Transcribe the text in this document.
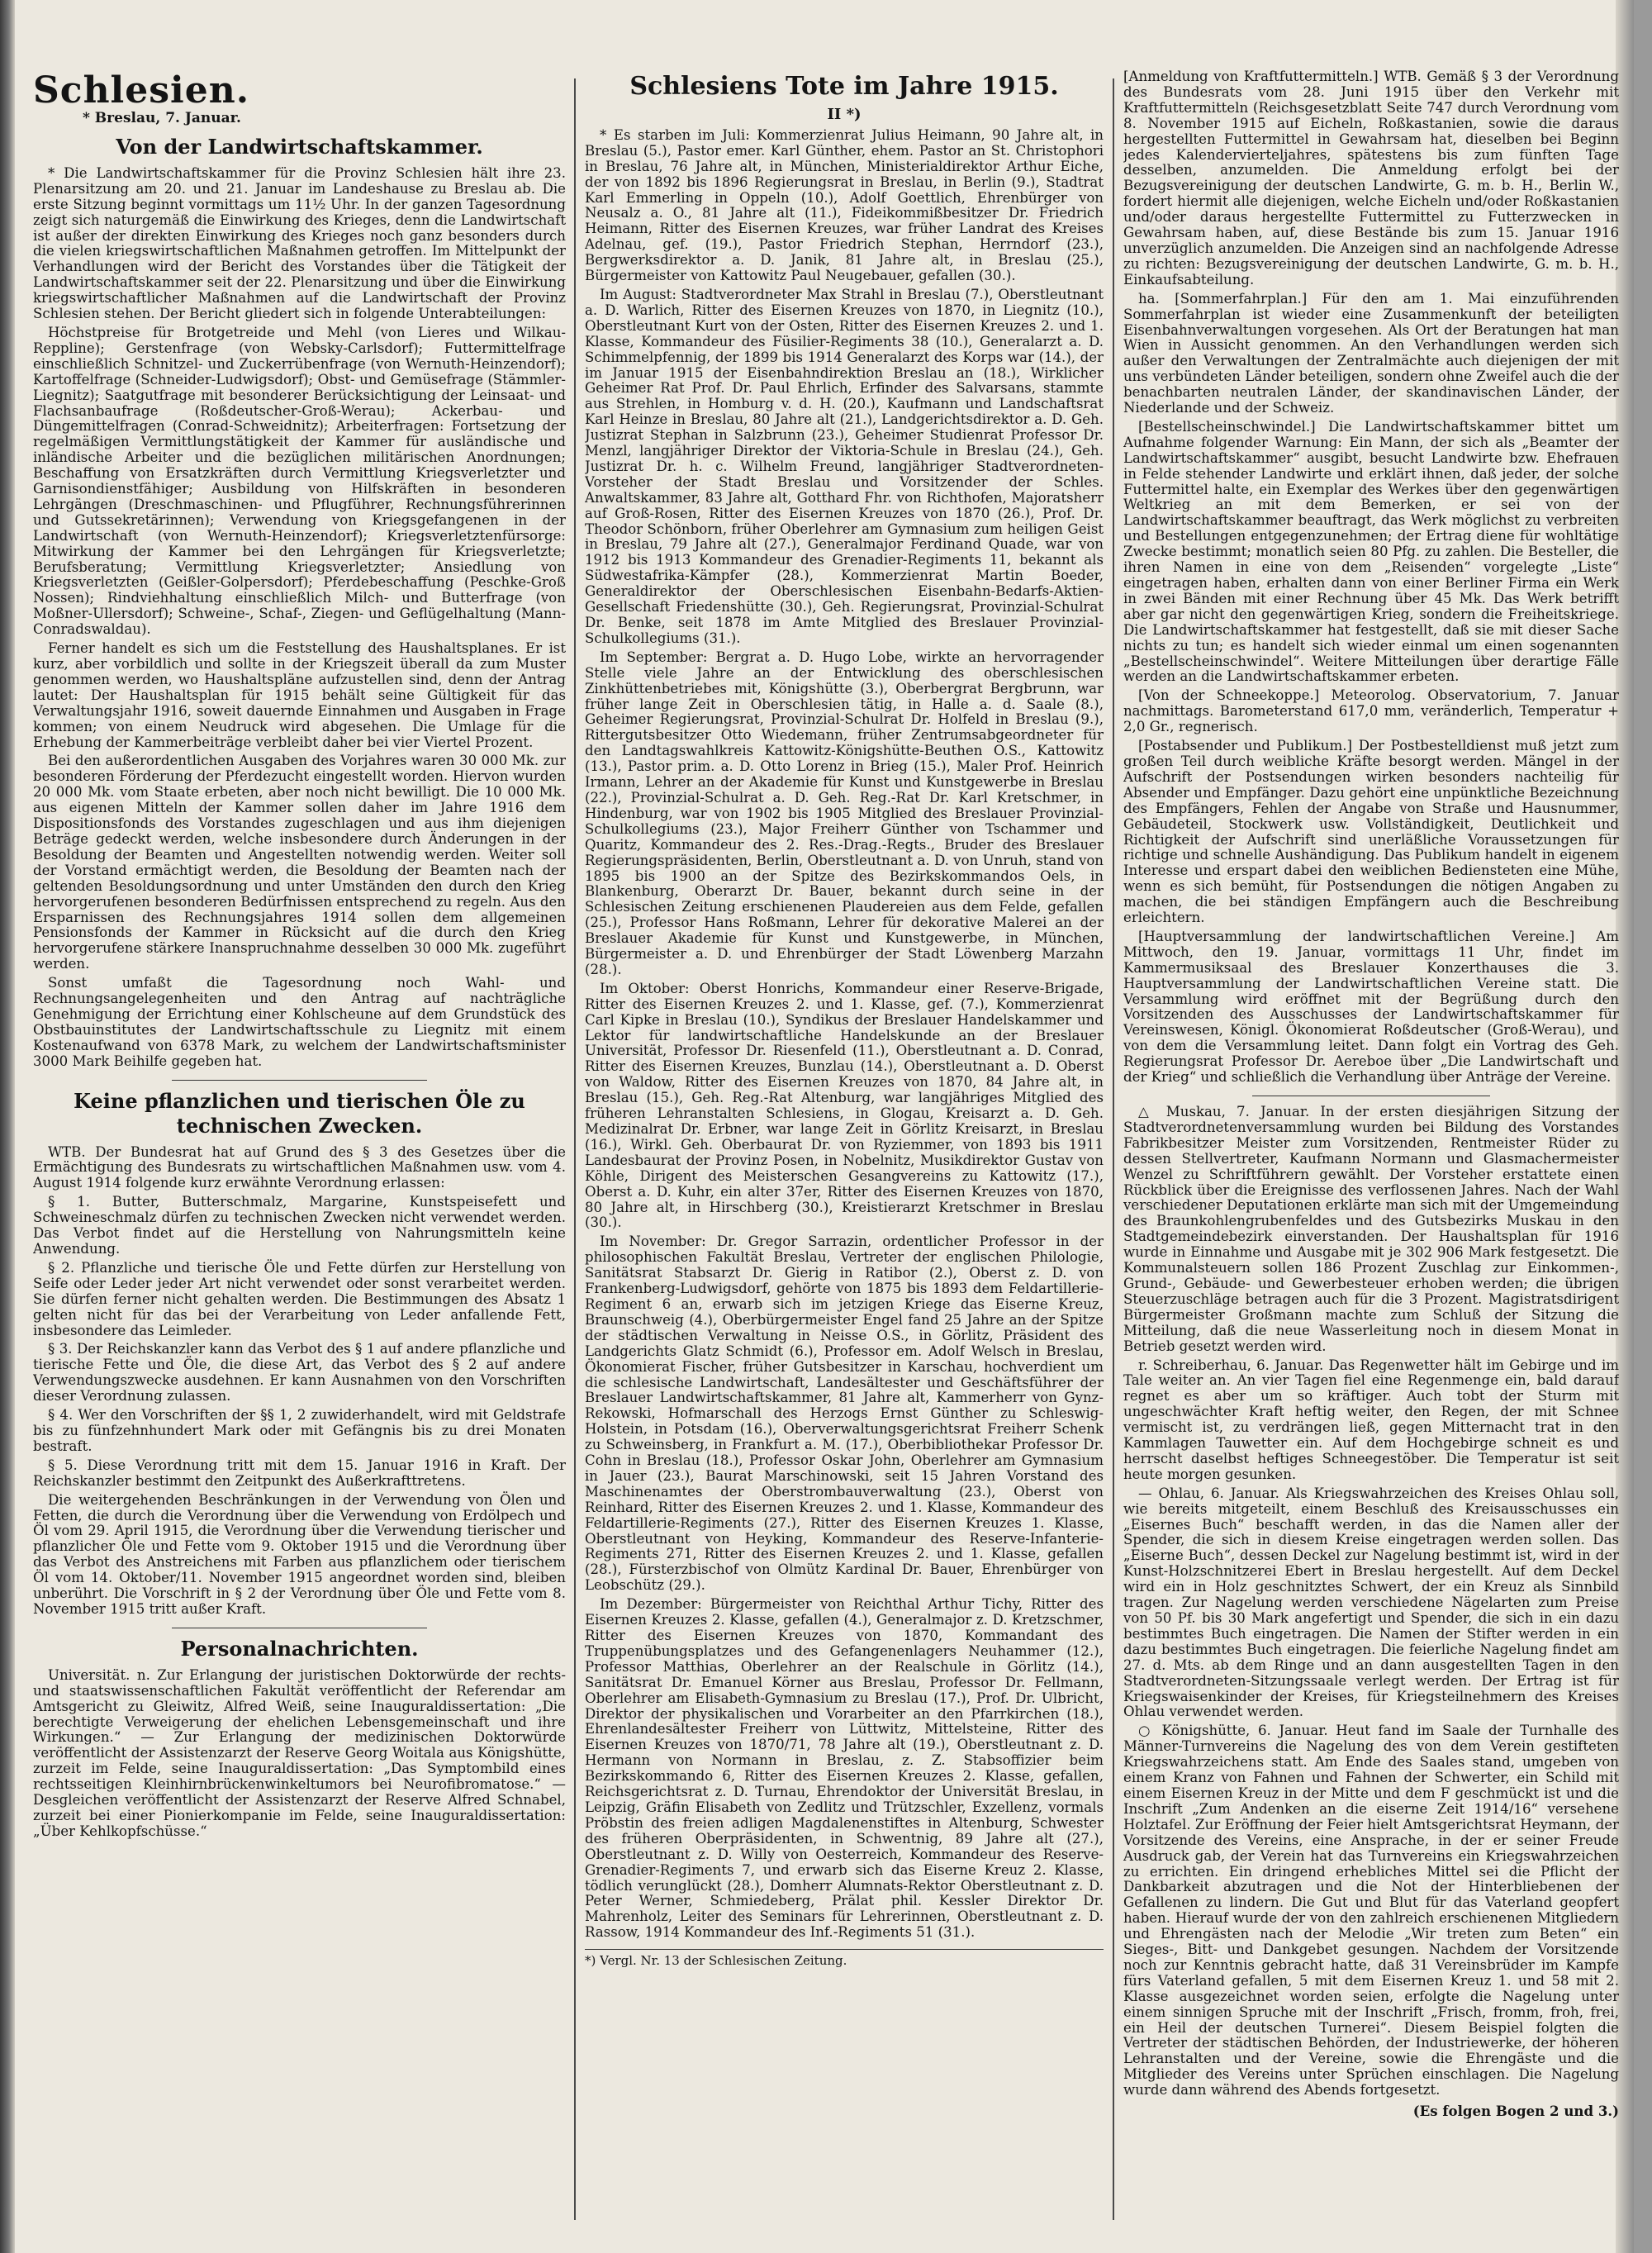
Schlesien.
* Breslau, 7. Januar.
Von der Landwirtschaftskammer.

* Die Landwirtschaftskammer für die Provinz Schlesien hält ihre 23. Plenarsitzung am 20. und 21. Januar im Landeshause zu Breslau ab. Die erste Sitzung beginnt vormittags um 11½ Uhr. In der ganzen Tagesordnung zeigt sich naturgemäß die Einwirkung des Krieges, denn die Landwirtschaft ist außer der direkten Einwirkung des Krieges noch ganz besonders durch die vielen kriegswirtschaftlichen Maßnahmen getroffen. Im Mittelpunkt der Verhandlungen wird der Bericht des Vorstandes über die Tätigkeit der Landwirtschaftskammer seit der 22. Plenarsitzung und über die Einwirkung kriegswirtschaftlicher Maßnahmen auf die Landwirtschaft der Provinz Schlesien stehen. Der Bericht gliedert sich in folgende Unterabteilungen:

Höchstpreise für Brotgetreide und Mehl (von Lieres und Wilkau-Reppline); Gerstenfrage (von Websky-Carlsdorf); Futtermittelfrage einschließlich Schnitzel- und Zuckerrübenfrage (von Wernuth-Heinzendorf); Kartoffelfrage (Schneider-Ludwigsdorf); Obst- und Gemüsefrage (Stämmler-Liegnitz); Saatgutfrage mit besonderer Berücksichtigung der Leinsaat- und Flachsanbaufrage (Roßdeutscher-Groß-Werau); Ackerbau- und Düngemittelfragen (Conrad-Schweidnitz); Arbeiterfragen: Fortsetzung der regelmäßigen Vermittlungstätigkeit der Kammer für ausländische und inländische Arbeiter und die bezüglichen militärischen Anordnungen; Beschaffung von Ersatzkräften durch Vermittlung Kriegsverletzter und Garnisondienstfähiger; Ausbildung von Hilfskräften in besonderen Lehrgängen (Dreschmaschinen- und Pflugführer, Rechnungsführerinnen und Gutssekretärinnen); Verwendung von Kriegsgefangenen in der Landwirtschaft (von Wernuth-Heinzendorf); Kriegsverletztenfürsorge: Mitwirkung der Kammer bei den Lehrgängen für Kriegsverletzte; Berufsberatung; Vermittlung Kriegsverletzter; Ansiedlung von Kriegsverletzten (Geißler-Golpersdorf); Pferdebeschaffung (Peschke-Groß Nossen); Rindviehhaltung einschließlich Milch- und Butterfrage (von Moßner-Ullersdorf); Schweine-, Schaf-, Ziegen- und Geflügelhaltung (Mann-Conradswaldau).

Ferner handelt es sich um die Feststellung des Haushaltsplanes. Er ist kurz, aber vorbildlich und sollte in der Kriegszeit überall da zum Muster genommen werden, wo Haushaltspläne aufzustellen sind, denn der Antrag lautet: Der Haushaltsplan für 1915 behält seine Gültigkeit für das Verwaltungsjahr 1916, soweit dauernde Einnahmen und Ausgaben in Frage kommen; von einem Neudruck wird abgesehen. Die Umlage für die Erhebung der Kammerbeiträge verbleibt daher bei vier Viertel Prozent.

Bei den außerordentlichen Ausgaben des Vorjahres waren 30 000 Mk. zur besonderen Förderung der Pferdezucht eingestellt worden. Hiervon wurden 20 000 Mk. vom Staate erbeten, aber noch nicht bewilligt. Die 10 000 Mk. aus eigenen Mitteln der Kammer sollen daher im Jahre 1916 dem Dispositionsfonds des Vorstandes zugeschlagen und aus ihm diejenigen Beträge gedeckt werden, welche insbesondere durch Änderungen in der Besoldung der Beamten und Angestellten notwendig werden. Weiter soll der Vorstand ermächtigt werden, die Besoldung der Beamten nach der geltenden Besoldungsordnung und unter Umständen den durch den Krieg hervorgerufenen besonderen Bedürfnissen entsprechend zu regeln. Aus den Ersparnissen des Rechnungsjahres 1914 sollen dem allgemeinen Pensionsfonds der Kammer in Rücksicht auf die durch den Krieg hervorgerufene stärkere Inanspruchnahme desselben 30 000 Mk. zugeführt werden.

Sonst umfaßt die Tagesordnung noch Wahl- und Rechnungsangelegenheiten und den Antrag auf nachträgliche Genehmigung der Errichtung einer Kohlscheune auf dem Grundstück des Obstbauinstitutes der Landwirtschaftsschule zu Liegnitz mit einem Kostenaufwand von 6378 Mark, zu welchem der Landwirtschaftsminister 3000 Mark Beihilfe gegeben hat.

Keine pflanzlichen und tierischen Öle zu technischen Zwecken.

WTB. Der Bundesrat hat auf Grund des § 3 des Gesetzes über die Ermächtigung des Bundesrats zu wirtschaftlichen Maßnahmen usw. vom 4. August 1914 folgende kurz erwähnte Verordnung erlassen:

§ 1. Butter, Butterschmalz, Margarine, Kunstspeisefett und Schweineschmalz dürfen zu technischen Zwecken nicht verwendet werden. Das Verbot findet auf die Herstellung von Nahrungsmitteln keine Anwendung.

§ 2. Pflanzliche und tierische Öle und Fette dürfen zur Herstellung von Seife oder Leder jeder Art nicht verwendet oder sonst verarbeitet werden. Sie dürfen ferner nicht gehalten werden. Die Bestimmungen des Absatz 1 gelten nicht für das bei der Verarbeitung von Leder anfallende Fett, insbesondere das Leimleder.

§ 3. Der Reichskanzler kann das Verbot des § 1 auf andere pflanzliche und tierische Fette und Öle, die diese Art, das Verbot des § 2 auf andere Verwendungszwecke ausdehnen. Er kann Ausnahmen von den Vorschriften dieser Verordnung zulassen.

§ 4. Wer den Vorschriften der §§ 1, 2 zuwiderhandelt, wird mit Geldstrafe bis zu fünfzehnhundert Mark oder mit Gefängnis bis zu drei Monaten bestraft.

§ 5. Diese Verordnung tritt mit dem 15. Januar 1916 in Kraft. Der Reichskanzler bestimmt den Zeitpunkt des Außerkrafttretens.

Die weitergehenden Beschränkungen in der Verwendung von Ölen und Fetten, die durch die Verordnung über die Verwendung von Erdölpech und Öl vom 29. April 1915, die Verordnung über die Verwendung tierischer und pflanzlicher Öle und Fette vom 9. Oktober 1915 und die Verordnung über das Verbot des Anstreichens mit Farben aus pflanzlichem oder tierischem Öl vom 14. Oktober/11. November 1915 angeordnet worden sind, bleiben unberührt. Die Vorschrift in § 2 der Verordnung über Öle und Fette vom 8. November 1915 tritt außer Kraft.

Personalnachrichten.

Universität. n. Zur Erlangung der juristischen Doktorwürde der rechts- und staatswissenschaftlichen Fakultät veröffentlicht der Referendar am Amtsgericht zu Gleiwitz, Alfred Weiß, seine Inauguraldissertation: „Die berechtigte Verweigerung der ehelichen Lebensgemeinschaft und ihre Wirkungen.“ — Zur Erlangung der medizinischen Doktorwürde veröffentlicht der Assistenzarzt der Reserve Georg Woitala aus Königshütte, zurzeit im Felde, seine Inauguraldissertation: „Das Symptombild eines rechtsseitigen Kleinhirnbrückenwinkeltumors bei Neurofibromatose.“ — Desgleichen veröffentlicht der Assistenzarzt der Reserve Alfred Schnabel, zurzeit bei einer Pionierkompanie im Felde, seine Inauguraldissertation: „Über Kehlkopfschüsse.“

Schlesiens Tote im Jahre 1915.
II *)

* Es starben im Juli: Kommerzienrat Julius Heimann, 90 Jahre alt, in Breslau (5.), Pastor emer. Karl Günther, ehem. Pastor an St. Christophori in Breslau, 76 Jahre alt, in München, Ministerialdirektor Arthur Eiche, der von 1892 bis 1896 Regierungsrat in Breslau, in Berlin (9.), Stadtrat Karl Emmerling in Oppeln (10.), Adolf Goettlich, Ehrenbürger von Neusalz a. O., 81 Jahre alt (11.), Fideikommißbesitzer Dr. Friedrich Heimann, Ritter des Eisernen Kreuzes, war früher Landrat des Kreises Adelnau, gef. (19.), Pastor Friedrich Stephan, Herrndorf (23.), Bergwerksdirektor a. D. Janik, 81 Jahre alt, in Breslau (25.), Bürgermeister von Kattowitz Paul Neugebauer, gefallen (30.).

Im August: Stadtverordneter Max Strahl in Breslau (7.), Oberstleutnant a. D. Warlich, Ritter des Eisernen Kreuzes von 1870, in Liegnitz (10.), Oberstleutnant Kurt von der Osten, Ritter des Eisernen Kreuzes 2. und 1. Klasse, Kommandeur des Füsilier-Regiments 38 (10.), Generalarzt a. D. Schimmelpfennig, der 1899 bis 1914 Generalarzt des Korps war (14.), der im Januar 1915 der Eisenbahndirektion Breslau an (18.), Wirklicher Geheimer Rat Prof. Dr. Paul Ehrlich, Erfinder des Salvarsans, stammte aus Strehlen, in Homburg v. d. H. (20.), Kaufmann und Landschaftsrat Karl Heinze in Breslau, 80 Jahre alt (21.), Landgerichtsdirektor a. D. Geh. Justizrat Stephan in Salzbrunn (23.), Geheimer Studienrat Professor Dr. Menzl, langjähriger Direktor der Viktoria-Schule in Breslau (24.), Geh. Justizrat Dr. h. c. Wilhelm Freund, langjähriger Stadtverordneten-Vorsteher der Stadt Breslau und Vorsitzender der Schles. Anwaltskammer, 83 Jahre alt, Gotthard Fhr. von Richthofen, Majoratsherr auf Groß-Rosen, Ritter des Eisernen Kreuzes von 1870 (26.), Prof. Dr. Theodor Schönborn, früher Oberlehrer am Gymnasium zum heiligen Geist in Breslau, 79 Jahre alt (27.), Generalmajor Ferdinand Quade, war von 1912 bis 1913 Kommandeur des Grenadier-Regiments 11, bekannt als Südwestafrika-Kämpfer (28.), Kommerzienrat Martin Boeder, Generaldirektor der Oberschlesischen Eisenbahn-Bedarfs-Aktien-Gesellschaft Friedenshütte (30.), Geh. Regierungsrat, Provinzial-Schulrat Dr. Benke, seit 1878 im Amte Mitglied des Breslauer Provinzial-Schulkollegiums (31.).

Im September: Bergrat a. D. Hugo Lobe, wirkte an hervorragender Stelle viele Jahre an der Entwicklung des oberschlesischen Zinkhüttenbetriebes mit, Königshütte (3.), Oberbergrat Bergbrunn, war früher lange Zeit in Oberschlesien tätig, in Halle a. d. Saale (8.), Geheimer Regierungsrat, Provinzial-Schulrat Dr. Holfeld in Breslau (9.), Rittergutsbesitzer Otto Wiedemann, früher Zentrumsabgeordneter für den Landtagswahlkreis Kattowitz-Königshütte-Beuthen O.S., Kattowitz (13.), Pastor prim. a. D. Otto Lorenz in Brieg (15.), Maler Prof. Heinrich Irmann, Lehrer an der Akademie für Kunst und Kunstgewerbe in Breslau (22.), Provinzial-Schulrat a. D. Geh. Reg.-Rat Dr. Karl Kretschmer, in Hindenburg, war von 1902 bis 1905 Mitglied des Breslauer Provinzial-Schulkollegiums (23.), Major Freiherr Günther von Tschammer und Quaritz, Kommandeur des 2. Res.-Drag.-Regts., Bruder des Breslauer Regierungspräsidenten, Berlin, Oberstleutnant a. D. von Unruh, stand von 1895 bis 1900 an der Spitze des Bezirkskommandos Oels, in Blankenburg, Oberarzt Dr. Bauer, bekannt durch seine in der Schlesischen Zeitung erschienenen Plaudereien aus dem Felde, gefallen (25.), Professor Hans Roßmann, Lehrer für dekorative Malerei an der Breslauer Akademie für Kunst und Kunstgewerbe, in München, Bürgermeister a. D. und Ehrenbürger der Stadt Löwenberg Marzahn (28.).

Im Oktober: Oberst Honrichs, Kommandeur einer Reserve-Brigade, Ritter des Eisernen Kreuzes 2. und 1. Klasse, gef. (7.), Kommerzienrat Carl Kipke in Breslau (10.), Syndikus der Breslauer Handelskammer und Lektor für landwirtschaftliche Handelskunde an der Breslauer Universität, Professor Dr. Riesenfeld (11.), Oberstleutnant a. D. Conrad, Ritter des Eisernen Kreuzes, Bunzlau (14.), Oberstleutnant a. D. Oberst von Waldow, Ritter des Eisernen Kreuzes von 1870, 84 Jahre alt, in Breslau (15.), Geh. Reg.-Rat Altenburg, war langjähriges Mitglied des früheren Lehranstalten Schlesiens, in Glogau, Kreisarzt a. D. Geh. Medizinalrat Dr. Erbner, war lange Zeit in Görlitz Kreisarzt, in Breslau (16.), Wirkl. Geh. Oberbaurat Dr. von Ryziemmer, von 1893 bis 1911 Landesbaurat der Provinz Posen, in Nobelnitz, Musikdirektor Gustav von Köhle, Dirigent des Meisterschen Gesangvereins zu Kattowitz (17.), Oberst a. D. Kuhr, ein alter 37er, Ritter des Eisernen Kreuzes von 1870, 80 Jahre alt, in Hirschberg (30.), Kreistierarzt Kretschmer in Breslau (30.).

Im November: Dr. Gregor Sarrazin, ordentlicher Professor in der philosophischen Fakultät Breslau, Vertreter der englischen Philologie, Sanitätsrat Stabsarzt Dr. Gierig in Ratibor (2.), Oberst z. D. von Frankenberg-Ludwigsdorf, gehörte von 1875 bis 1893 dem Feldartillerie-Regiment 6 an, erwarb sich im jetzigen Kriege das Eiserne Kreuz, Braunschweig (4.), Oberbürgermeister Engel fand 25 Jahre an der Spitze der städtischen Verwaltung in Neisse O.S., in Görlitz, Präsident des Landgerichts Glatz Schmidt (6.), Professor em. Adolf Welsch in Breslau, Ökonomierat Fischer, früher Gutsbesitzer in Karschau, hochverdient um die schlesische Landwirtschaft, Landesältester und Geschäftsführer der Breslauer Landwirtschaftskammer, 81 Jahre alt, Kammerherr von Gynz-Rekowski, Hofmarschall des Herzogs Ernst Günther zu Schleswig-Holstein, in Potsdam (16.), Oberverwaltungsgerichtsrat Freiherr Schenk zu Schweinsberg, in Frankfurt a. M. (17.), Oberbibliothekar Professor Dr. Cohn in Breslau (18.), Professor Oskar John, Oberlehrer am Gymnasium in Jauer (23.), Baurat Marschinowski, seit 15 Jahren Vorstand des Maschinenamtes der Oberstrombauverwaltung (23.), Oberst von Reinhard, Ritter des Eisernen Kreuzes 2. und 1. Klasse, Kommandeur des Feldartillerie-Regiments (27.), Ritter des Eisernen Kreuzes 1. Klasse, Oberstleutnant von Heyking, Kommandeur des Reserve-Infanterie-Regiments 271, Ritter des Eisernen Kreuzes 2. und 1. Klasse, gefallen (28.), Fürsterzbischof von Olmütz Kardinal Dr. Bauer, Ehrenbürger von Leobschütz (29.).

Im Dezember: Bürgermeister von Reichthal Arthur Tichy, Ritter des Eisernen Kreuzes 2. Klasse, gefallen (4.), Generalmajor z. D. Kretzschmer, Ritter des Eisernen Kreuzes von 1870, Kommandant des Truppenübungsplatzes und des Gefangenenlagers Neuhammer (12.), Professor Matthias, Oberlehrer an der Realschule in Görlitz (14.), Sanitätsrat Dr. Emanuel Körner aus Breslau, Professor Dr. Fellmann, Oberlehrer am Elisabeth-Gymnasium zu Breslau (17.), Prof. Dr. Ulbricht, Direktor der physikalischen und Vorarbeiter an den Pfarrkirchen (18.), Ehrenlandesältester Freiherr von Lüttwitz, Mittelsteine, Ritter des Eisernen Kreuzes von 1870/71, 78 Jahre alt (19.), Oberstleutnant z. D. Hermann von Normann in Breslau, z. Z. Stabsoffizier beim Bezirkskommando 6, Ritter des Eisernen Kreuzes 2. Klasse, gefallen, Reichsgerichtsrat z. D. Turnau, Ehrendoktor der Universität Breslau, in Leipzig, Gräfin Elisabeth von Zedlitz und Trützschler, Exzellenz, vormals Pröbstin des freien adligen Magdalenenstiftes in Altenburg, Schwester des früheren Oberpräsidenten, in Schwentnig, 89 Jahre alt (27.), Oberstleutnant z. D. Willy von Oesterreich, Kommandeur des Reserve-Grenadier-Regiments 7, und erwarb sich das Eiserne Kreuz 2. Klasse, tödlich verunglückt (28.), Domherr Alumnats-Rektor Oberstleutnant z. D. Peter Werner, Schmiedeberg, Prälat phil. Kessler Direktor Dr. Mahrenholz, Leiter des Seminars für Lehrerinnen, Oberstleutnant z. D. Rassow, 1914 Kommandeur des Inf.-Regiments 51 (31.).

*) Vergl. Nr. 13 der Schlesischen Zeitung.

[Anmeldung von Kraftfuttermitteln.] WTB. Gemäß § 3 der Verordnung des Bundesrats vom 28. Juni 1915 über den Verkehr mit Kraftfuttermitteln (Reichsgesetzblatt Seite 747 durch Verordnung vom 8. November 1915 auf Eicheln, Roßkastanien, sowie die daraus hergestellten Futtermittel in Gewahrsam hat, dieselben bei Beginn jedes Kalendervierteljahres, spätestens bis zum fünften Tage desselben, anzumelden. Die Anmeldung erfolgt bei der Bezugsvereinigung der deutschen Landwirte, G. m. b. H., Berlin W., fordert hiermit alle diejenigen, welche Eicheln und/oder Roßkastanien und/oder daraus hergestellte Futtermittel zu Futterzwecken in Gewahrsam haben, auf, diese Bestände bis zum 15. Januar 1916 unverzüglich anzumelden. Die Anzeigen sind an nachfolgende Adresse zu richten: Bezugsvereinigung der deutschen Landwirte, G. m. b. H., Einkaufsabteilung.

ha. [Sommerfahrplan.] Für den am 1. Mai einzuführenden Sommerfahrplan ist wieder eine Zusammenkunft der beteiligten Eisenbahnverwaltungen vorgesehen. Als Ort der Beratungen hat man Wien in Aussicht genommen. An den Verhandlungen werden sich außer den Verwaltungen der Zentralmächte auch diejenigen der mit uns verbündeten Länder beteiligen, sondern ohne Zweifel auch die der benachbarten neutralen Länder, der skandinavischen Länder, der Niederlande und der Schweiz.

[Bestellscheinschwindel.] Die Landwirtschaftskammer bittet um Aufnahme folgender Warnung: Ein Mann, der sich als „Beamter der Landwirtschaftskammer“ ausgibt, besucht Landwirte bzw. Ehefrauen in Felde stehender Landwirte und erklärt ihnen, daß jeder, der solche Futtermittel halte, ein Exemplar des Werkes über den gegenwärtigen Weltkrieg an mit dem Bemerken, er sei von der Landwirtschaftskammer beauftragt, das Werk möglichst zu verbreiten und Bestellungen entgegenzunehmen; der Ertrag diene für wohltätige Zwecke bestimmt; monatlich seien 80 Pfg. zu zahlen. Die Besteller, die ihren Namen in eine von dem „Reisenden“ vorgelegte „Liste“ eingetragen haben, erhalten dann von einer Berliner Firma ein Werk in zwei Bänden mit einer Rechnung über 45 Mk. Das Werk betrifft aber gar nicht den gegenwärtigen Krieg, sondern die Freiheitskriege. Die Landwirtschaftskammer hat festgestellt, daß sie mit dieser Sache nichts zu tun; es handelt sich wieder einmal um einen sogenannten „Bestellscheinschwindel“. Weitere Mitteilungen über derartige Fälle werden an die Landwirtschaftskammer erbeten.

[Von der Schneekoppe.] Meteorolog. Observatorium, 7. Januar nachmittags. Barometerstand 617,0 mm, veränderlich, Temperatur + 2,0 Gr., regnerisch.

[Postabsender und Publikum.] Der Postbestelldienst muß jetzt zum großen Teil durch weibliche Kräfte besorgt werden. Mängel in der Aufschrift der Postsendungen wirken besonders nachteilig für Absender und Empfänger. Dazu gehört eine unpünktliche Bezeichnung des Empfängers, Fehlen der Angabe von Straße und Hausnummer, Gebäudeteil, Stockwerk usw. Vollständigkeit, Deutlichkeit und Richtigkeit der Aufschrift sind unerläßliche Voraussetzungen für richtige und schnelle Aushändigung. Das Publikum handelt in eigenem Interesse und erspart dabei den weiblichen Bediensteten eine Mühe, wenn es sich bemüht, für Postsendungen die nötigen Angaben zu machen, die bei ständigen Empfängern auch die Beschreibung erleichtern.

[Hauptversammlung der landwirtschaftlichen Vereine.] Am Mittwoch, den 19. Januar, vormittags 11 Uhr, findet im Kammermusiksaal des Breslauer Konzerthauses die 3. Hauptversammlung der Landwirtschaftlichen Vereine statt. Die Versammlung wird eröffnet mit der Begrüßung durch den Vorsitzenden des Ausschusses der Landwirtschaftskammer für Vereinswesen, Königl. Ökonomierat Roßdeutscher (Groß-Werau), und von dem die Versammlung leitet. Dann folgt ein Vortrag des Geh. Regierungsrat Professor Dr. Aereboe über „Die Landwirtschaft und der Krieg“ und schließlich die Verhandlung über Anträge der Vereine.

△ Muskau, 7. Januar. In der ersten diesjährigen Sitzung der Stadtverordnetenversammlung wurden bei Bildung des Vorstandes Fabrikbesitzer Meister zum Vorsitzenden, Rentmeister Rüder zu dessen Stellvertreter, Kaufmann Normann und Glasmachermeister Wenzel zu Schriftführern gewählt. Der Vorsteher erstattete einen Rückblick über die Ereignisse des verflossenen Jahres. Nach der Wahl verschiedener Deputationen erklärte man sich mit der Umgemeindung des Braunkohlengrubenfeldes und des Gutsbezirks Muskau in den Stadtgemeindebezirk einverstanden. Der Haushaltsplan für 1916 wurde in Einnahme und Ausgabe mit je 302 906 Mark festgesetzt. Die Kommunalsteuern sollen 186 Prozent Zuschlag zur Einkommen-, Grund-, Gebäude- und Gewerbesteuer erhoben werden; die übrigen Steuerzuschläge betragen auch für die 3 Prozent. Magistratsdirigent Bürgermeister Großmann machte zum Schluß der Sitzung die Mitteilung, daß die neue Wasserleitung noch in diesem Monat in Betrieb gesetzt werden wird.

r. Schreiberhau, 6. Januar. Das Regenwetter hält im Gebirge und im Tale weiter an. An vier Tagen fiel eine Regenmenge ein, bald darauf regnet es aber um so kräftiger. Auch tobt der Sturm mit ungeschwächter Kraft heftig weiter, den Regen, der mit Schnee vermischt ist, zu verdrängen ließ, gegen Mitternacht trat in den Kammlagen Tauwetter ein. Auf dem Hochgebirge schneit es und herrscht daselbst heftiges Schneegestöber. Die Temperatur ist seit heute morgen gesunken.

— Ohlau, 6. Januar. Als Kriegswahrzeichen des Kreises Ohlau soll, wie bereits mitgeteilt, einem Beschluß des Kreisausschusses ein „Eisernes Buch“ beschafft werden, in das die Namen aller der Spender, die sich in diesem Kreise eingetragen werden sollen. Das „Eiserne Buch“, dessen Deckel zur Nagelung bestimmt ist, wird in der Kunst-Holzschnitzerei Ebert in Breslau hergestellt. Auf dem Deckel wird ein in Holz geschnitztes Schwert, der ein Kreuz als Sinnbild tragen. Zur Nagelung werden verschiedene Nägelarten zum Preise von 50 Pf. bis 30 Mark angefertigt und Spender, die sich in ein dazu bestimmtes Buch eingetragen. Die Namen der Stifter werden in ein dazu bestimmtes Buch eingetragen. Die feierliche Nagelung findet am 27. d. Mts. ab dem Ringe und an dann ausgestellten Tagen in den Stadtverordneten-Sitzungssaale verlegt werden. Der Ertrag ist für Kriegswaisenkinder der Kreises, für Kriegsteilnehmern des Kreises Ohlau verwendet werden.

○ Königshütte, 6. Januar. Heut fand im Saale der Turnhalle des Männer-Turnvereins die Nagelung des von dem Verein gestifteten Kriegswahrzeichens statt. Am Ende des Saales stand, umgeben von einem Kranz von Fahnen und Fahnen der Schwerter, ein Schild mit einem Eisernen Kreuz in der Mitte und dem F geschmückt ist und die Inschrift „Zum Andenken an die eiserne Zeit 1914/16“ versehene Holztafel. Zur Eröffnung der Feier hielt Amtsgerichtsrat Heymann, der Vorsitzende des Vereins, eine Ansprache, in der er seiner Freude Ausdruck gab, der Verein hat das Turnvereins ein Kriegswahrzeichen zu errichten. Ein dringend erhebliches Mittel sei die Pflicht der Dankbarkeit abzutragen und die Not der Hinterbliebenen der Gefallenen zu lindern. Die Gut und Blut für das Vaterland geopfert haben. Hierauf wurde der von den zahlreich erschienenen Mitgliedern und Ehrengästen nach der Melodie „Wir treten zum Beten“ ein Sieges-, Bitt- und Dankgebet gesungen. Nachdem der Vorsitzende noch zur Kenntnis gebracht hatte, daß 31 Vereinsbrüder im Kampfe fürs Vaterland gefallen, 5 mit dem Eisernen Kreuz 1. und 58 mit 2. Klasse ausgezeichnet worden seien, erfolgte die Nagelung unter einem sinnigen Spruche mit der Inschrift „Frisch, fromm, froh, frei, ein Heil der deutschen Turnerei“. Diesem Beispiel folgten die Vertreter der städtischen Behörden, der Industriewerke, der höheren Lehranstalten und der Vereine, sowie die Ehrengäste und die Mitglieder des Vereins unter Sprüchen einschlagen. Die Nagelung wurde dann während des Abends fortgesetzt.

(Es folgen Bogen 2 und 3.)
